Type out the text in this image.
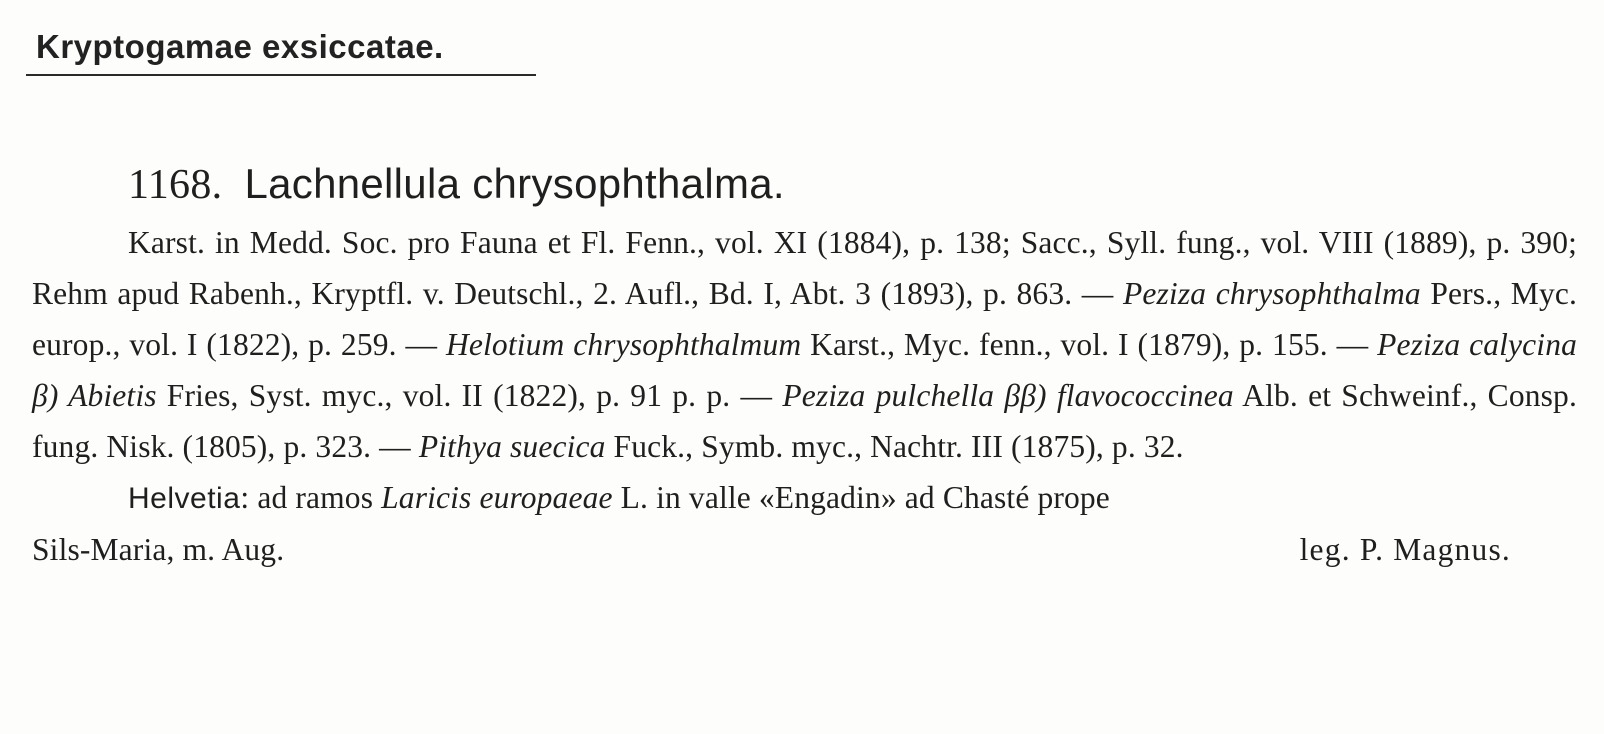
Kryptogamae exsiccatae.
1168. Lachnellula chrysophthalma.
Karst. in Medd. Soc. pro Fauna et Fl. Fenn., vol. XI (1884), p. 138; Sacc., Syll. fung., vol. VIII (1889), p. 390; Rehm apud Rabenh., Kryptfl. v. Deutschl., 2. Aufl., Bd. I, Abt. 3 (1893), p. 863. — Peziza chrysophthalma Pers., Myc. europ., vol. I (1822), p. 259. — Helotium chrysophthalmum Karst., Myc. fenn., vol. I (1879), p. 155. — Peziza calycina β) Abietis Fries, Syst. myc., vol. II (1822), p. 91 p. p. — Peziza pulchella ββ) flavococcinea Alb. et Schweinf., Consp. fung. Nisk. (1805), p. 323. — Pithya suecica Fuck., Symb. myc., Nachtr. III (1875), p. 32.
Helvetia: ad ramos Laricis europaeae L. in valle «Engadin» ad Chasté prope
Sils-Maria, m. Aug.	leg. P. Magnus.
